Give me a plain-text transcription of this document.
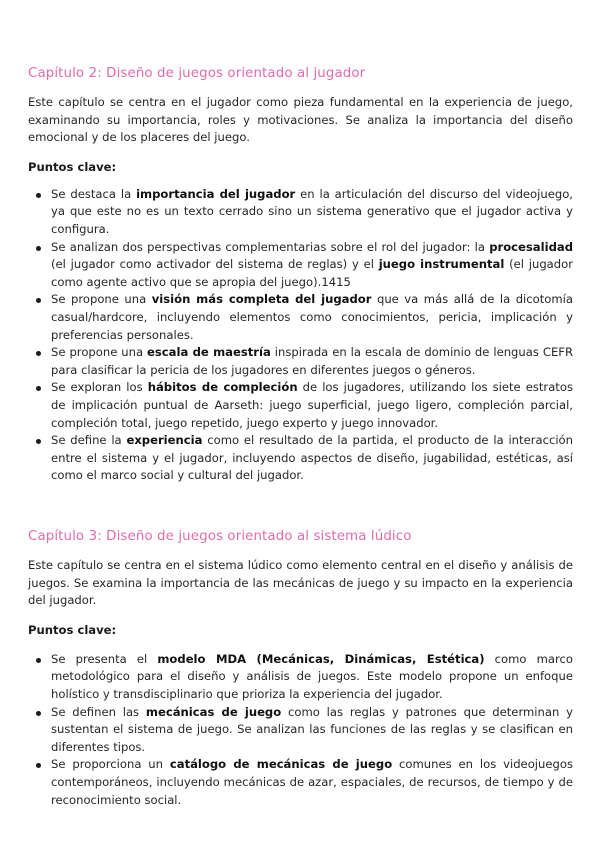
Capítulo 2: Diseño de juegos orientado al jugador

Este capítulo se centra en el jugador como pieza fundamental en la experiencia de juego, examinando su importancia, roles y motivaciones. Se analiza la importancia del diseño emocional y de los placeres del juego.

Puntos clave:

Se destaca la importancia del jugador en la articulación del discurso del videojuego, ya que este no es un texto cerrado sino un sistema generativo que el jugador activa y configura.
Se analizan dos perspectivas complementarias sobre el rol del jugador: la procesalidad (el jugador como activador del sistema de reglas) y el juego instrumental (el jugador como agente activo que se apropia del juego).1415
Se propone una visión más completa del jugador que va más allá de la dicotomía casual/hardcore, incluyendo elementos como conocimientos, pericia, implicación y preferencias personales.
Se propone una escala de maestría inspirada en la escala de dominio de lenguas CEFR para clasificar la pericia de los jugadores en diferentes juegos o géneros.
Se exploran los hábitos de compleción de los jugadores, utilizando los siete estratos de implicación puntual de Aarseth: juego superficial, juego ligero, compleción parcial, compleción total, juego repetido, juego experto y juego innovador.
Se define la experiencia como el resultado de la partida, el producto de la interacción entre el sistema y el jugador, incluyendo aspectos de diseño, jugabilidad, estéticas, así como el marco social y cultural del jugador.
Capítulo 3: Diseño de juegos orientado al sistema lúdico

Este capítulo se centra en el sistema lúdico como elemento central en el diseño y análisis de juegos. Se examina la importancia de las mecánicas de juego y su impacto en la experiencia del jugador.

Puntos clave:

Se presenta el modelo MDA (Mecánicas, Dinámicas, Estética) como marco metodológico para el diseño y análisis de juegos. Este modelo propone un enfoque holístico y transdisciplinario que prioriza la experiencia del jugador.
Se definen las mecánicas de juego como las reglas y patrones que determinan y sustentan el sistema de juego. Se analizan las funciones de las reglas y se clasifican en diferentes tipos.
Se proporciona un catálogo de mecánicas de juego comunes en los videojuegos contemporáneos, incluyendo mecánicas de azar, espaciales, de recursos, de tiempo y de reconocimiento social.
